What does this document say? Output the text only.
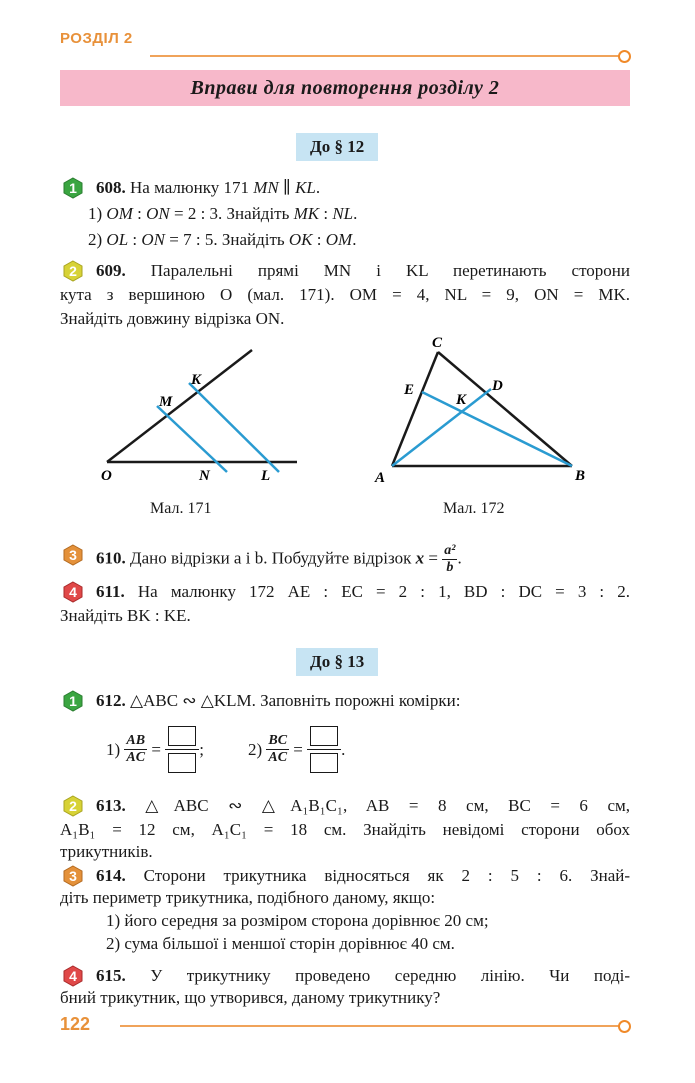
РОЗДІЛ 2
Вправи для повторення розділу 2
До § 12
1	608. На малюнку 171 MN ∥ KL.
1) OM : ON = 2 : 3. Знайдіть MK : NL.
2) OL : ON = 7 : 5. Знайдіть OK : OM.
2	609. Паралельні прямі MN і KL перетинають сторони
кута з вершиною O (мал. 171). OM = 4, NL = 9, ON = MK.
Знайдіть довжину відрізка ON.
O	N	L
M
K
Мал. 171
A	B
C
D
E
K
Мал. 172
3	610. Дано відрізки a і b. Побудуйте відрізок $x = \frac{\text{a²}}{b}$ .
4	611. На малюнку 172 AE : EC = 2 : 1, BD : DC = 3 : 2.
Знайдіть BK : KE.
До § 13
1	612. △ABC ∾ △KLM. Заповніть порожні комірки:
1)
$\frac{AB}{AC}$
=
;	2)
$\frac{BC}{AC}$
=
.
2	613. △ABC ∾ △A₁B₁C₁, AB = 8 см, BC = 6 см,
A₁B₁ = 12 см, A₁C₁ = 18 см. Знайдіть невідомі сторони обох
трикутників.
3	614. Сторони трикутника відносяться як 2 : 5 : 6. Знай-
діть периметр трикутника, подібного даному, якщо:
1) його середня за розміром сторона дорівнює 20 см;
2) сума більшої і меншої сторін дорівнює 40 см.
4	615. У трикутнику проведено середню лінію. Чи поді-
бний трикутник, що утворився, даному трикутнику?
122
